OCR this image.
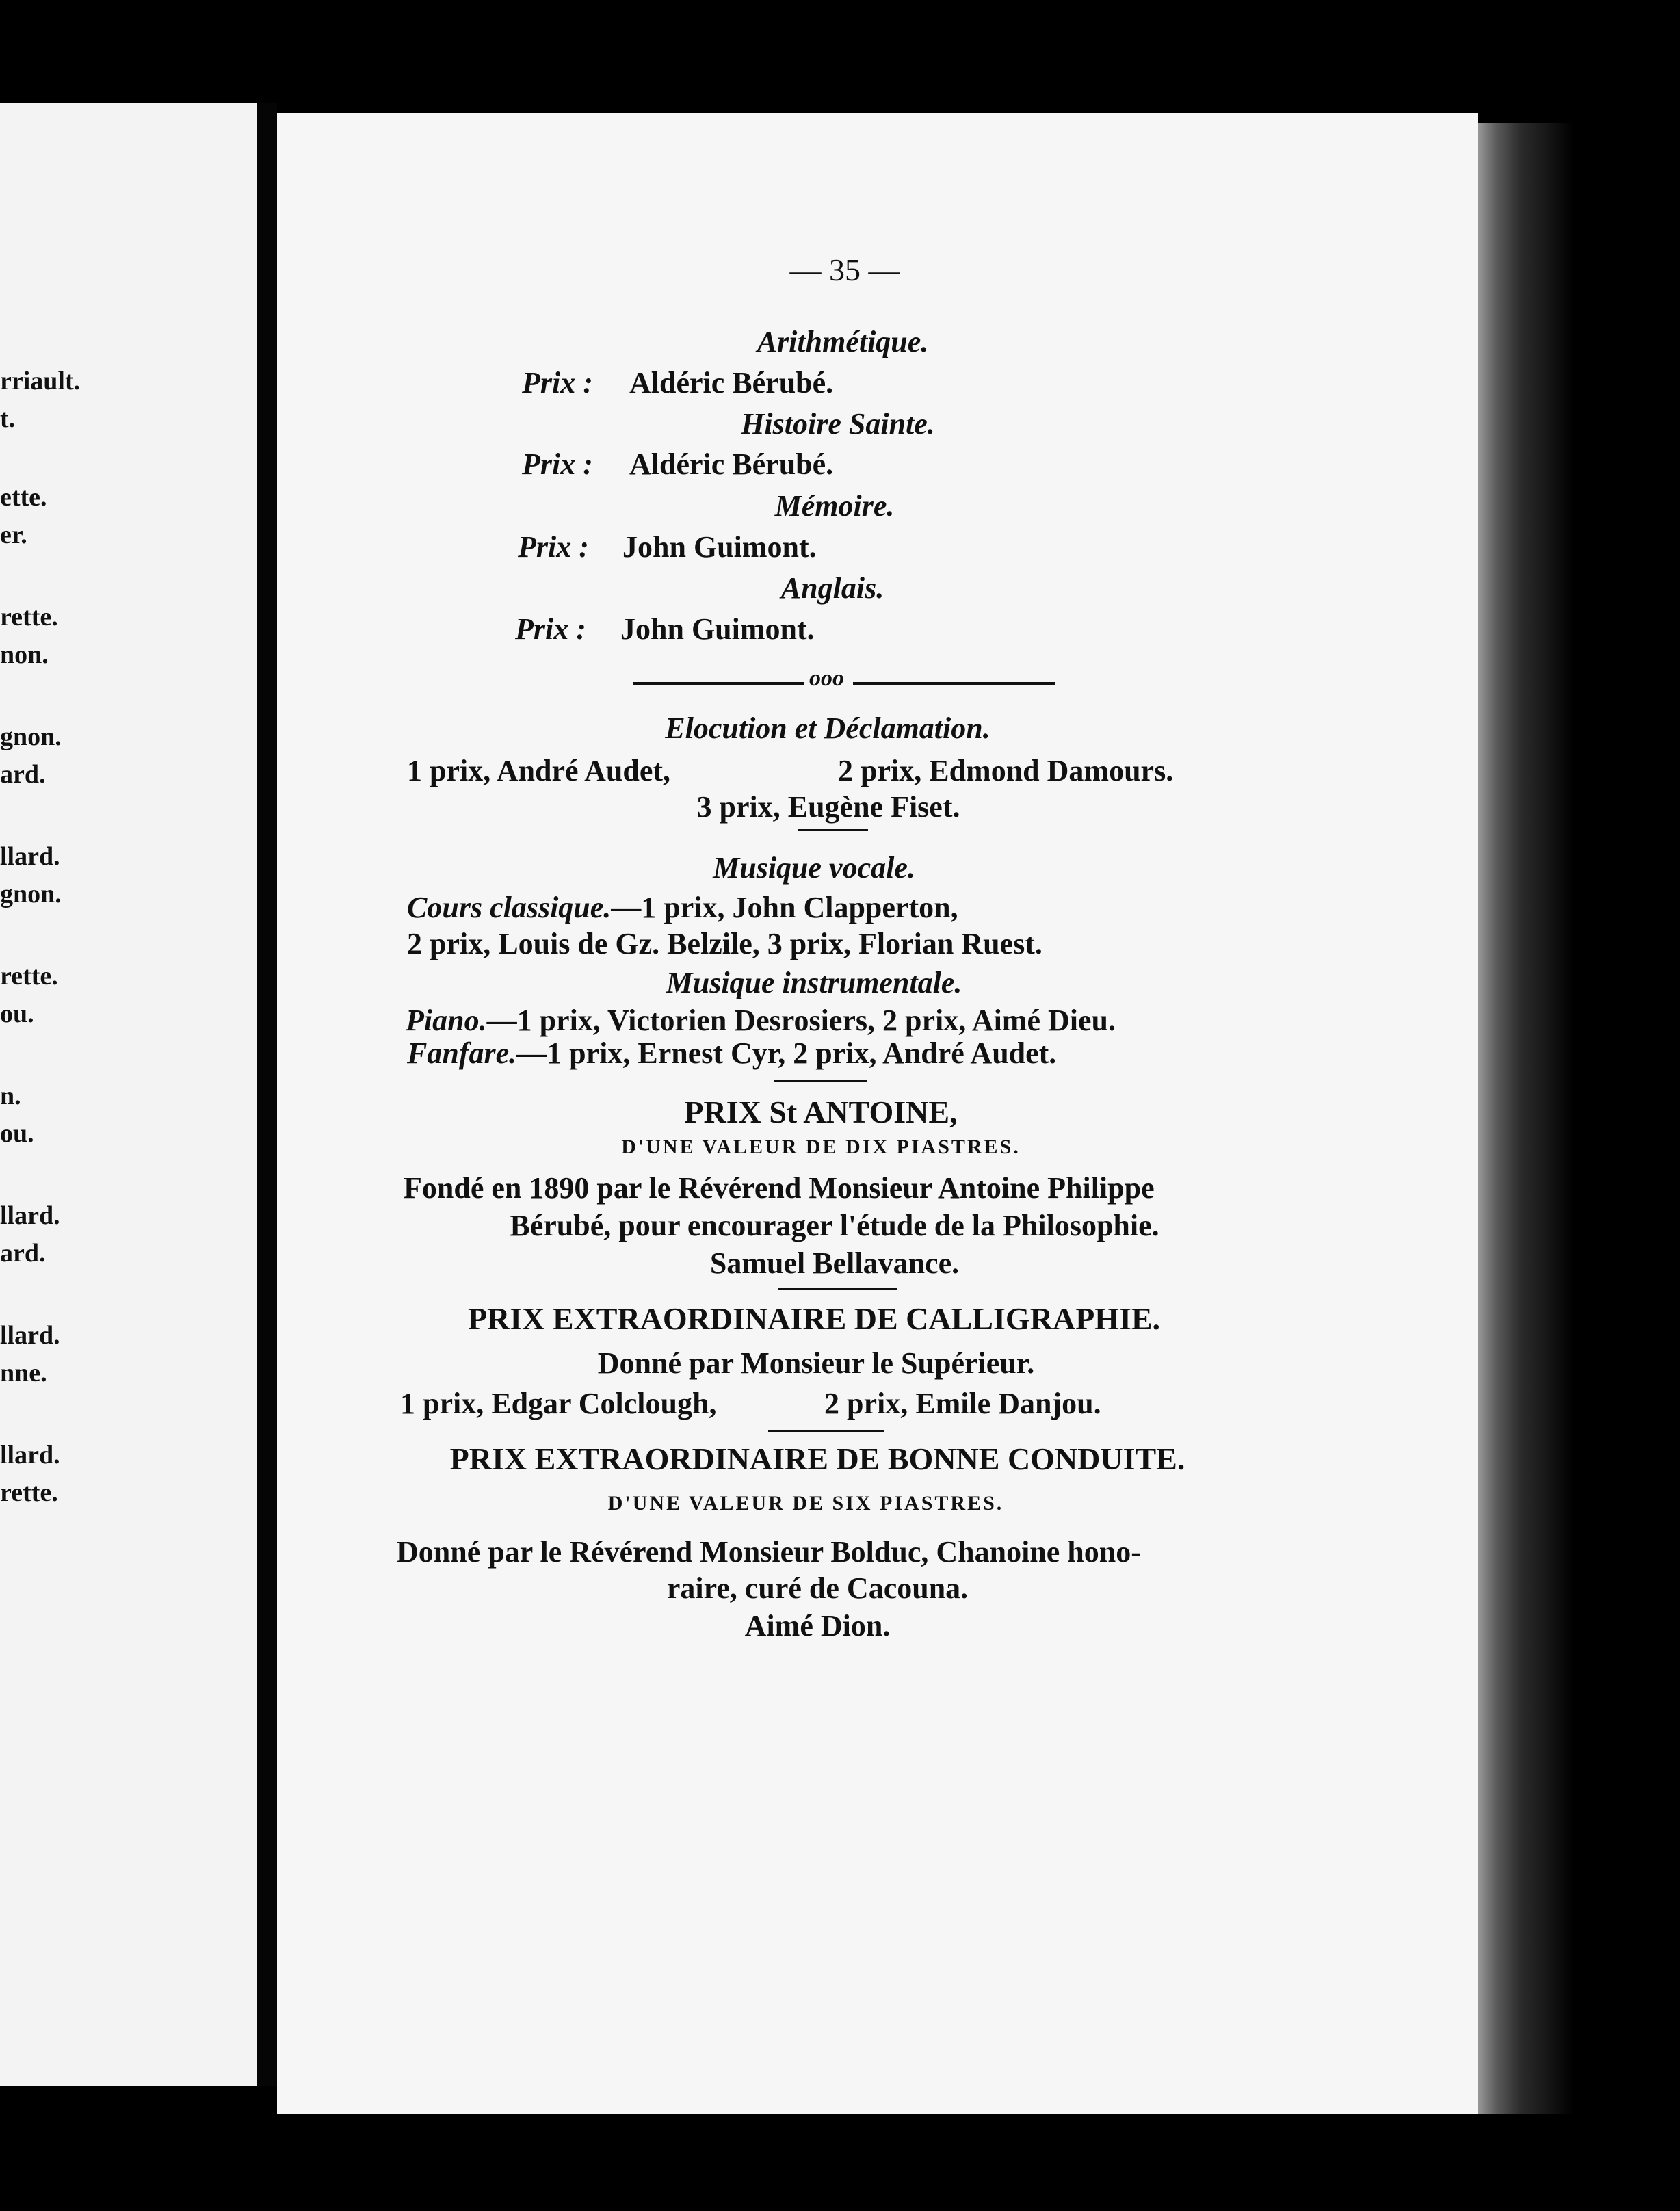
rriault.
t.
ette.
er.
rette.
non.
gnon.
ard.
llard.
gnon.
rette.
ou.
n.
ou.
llard.
ard.
llard.
nne.
llard.
rette.
— 35 —
Arithmétique.
Prix : Aldéric Bérubé.
Histoire Sainte.
Prix : Aldéric Bérubé.
Mémoire.
Prix : John Guimont.
Anglais.
Prix : John Guimont.
ooo
Elocution et Déclamation.
1 prix, André Audet,	2 prix, Edmond Damours.
3 prix, Eugène Fiset.
Musique vocale.
Cours classique.—1 prix, John Clapperton,
2 prix, Louis de Gz. Belzile, 3 prix, Florian Ruest.
Musique instrumentale.
Piano.—1 prix, Victorien Desrosiers, 2 prix, Aimé Dieu.
Fanfare.—1 prix, Ernest Cyr, 2 prix, André Audet.
PRIX St ANTOINE,
D'UNE VALEUR DE DIX PIASTRES.
Fondé en 1890 par le Révérend Monsieur Antoine Philippe
Bérubé, pour encourager l'étude de la Philosophie.
Samuel Bellavance.
PRIX EXTRAORDINAIRE DE CALLIGRAPHIE.
Donné par Monsieur le Supérieur.
1 prix, Edgar Colclough,	2 prix, Emile Danjou.
PRIX EXTRAORDINAIRE DE BONNE CONDUITE.
D'UNE VALEUR DE SIX PIASTRES.
Donné par le Révérend Monsieur Bolduc, Chanoine hono-
raire, curé de Cacouna.
Aimé Dion.
